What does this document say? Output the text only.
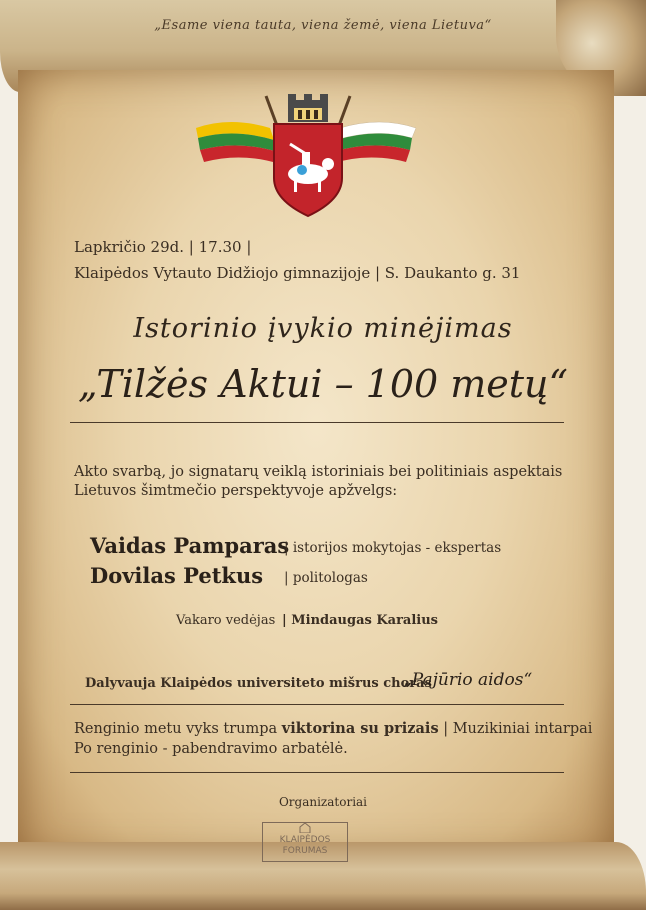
„Esame viena tauta, viena žemė, viena Lietuva“
Lapkričio 29d. | 17.30 |
Klaipėdos Vytauto Didžiojo gimnazijoje | S. Daukanto g. 31
Istorinio įvykio minėjimas
„Tilžės Aktui – 100 metų“
Akto svarbą, jo signatarų veiklą istoriniais bei politiniais aspektais Lietuvos šimtmečio perspektyvoje apžvelgs:
Vaidas Pamparas
| istorijos mokytojas - ekspertas
Dovilas Petkus | politologas
Vakaro vedėjas | Mindaugas Karalius
Dalyvauja Klaipėdos universiteto mišrus choras
„Pajūrio aidos“
Renginio metu vyks trumpa viktorina su prizais | Muzikiniai intarpai
Po renginio - pabendravimo arbatėlė.
Organizatoriai
KLAIPĖDOS
FORUMAS
